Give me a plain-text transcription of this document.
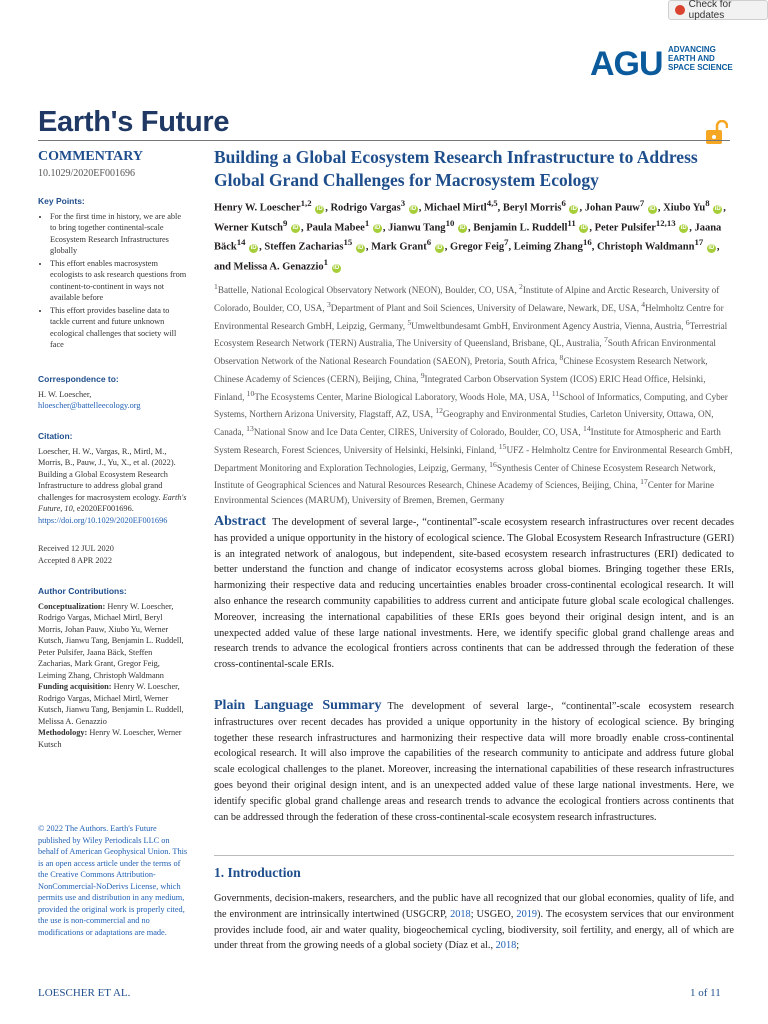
Check for updates
AGU ADVANCING
EARTH AND
SPACE SCIENCE
Earth's Future
COMMENTARY
10.1029/2020EF001696
Key Points:
• For the first time in history, we are able to bring together continental-scale Ecosystem Research Infrastructures globally
• This effort enables macrosystem ecologists to ask research questions from continent-to-continent in ways not available before
• This effort provides baseline data to tackle current and future unknown ecological challenges that society will face
Correspondence to:
H. W. Loescher,
hloescher@battelleecology.org
Citation:
Loescher, H. W., Vargas, R., Mirtl, M., Morris, B., Pauw, J., Yu, X., et al. (2022). Building a Global Ecosystem Research Infrastructure to address global grand challenges for macrosystem ecology. Earth's Future, 10, e2020EF001696.
https://doi.org/10.1029/2020EF001696
Received 12 JUL 2020
Accepted 8 APR 2022
Author Contributions:
Conceptualization: Henry W. Loescher, Rodrigo Vargas, Michael Mirtl, Beryl Morris, Johan Pauw, Xiubo Yu, Werner Kutsch, Jianwu Tang, Benjamin L. Ruddell, Peter Pulsifer, Jaana Bäck, Steffen Zacharias, Mark Grant, Gregor Feig, Leiming Zhang, Christoph Waldmann
Funding acquisition: Henry W. Loescher, Rodrigo Vargas, Michael Mirtl, Werner Kutsch, Jianwu Tang, Benjamin L. Ruddell, Melissa A. Genazzio
Methodology: Henry W. Loescher, Werner Kutsch
© 2022 The Authors. Earth's Future published by Wiley Periodicals LLC on behalf of American Geophysical Union. This is an open access article under the terms of the Creative Commons Attribution-NonCommercial-NoDerivs License, which permits use and distribution in any medium, provided the original work is properly cited, the use is non-commercial and no modifications or adaptations are made.
Building a Global Ecosystem Research Infrastructure to Address Global Grand Challenges for Macrosystem Ecology
Henry W. Loescher$^{1,2}$ iD , Rodrigo Vargas$^3$ iD , Michael Mirtl$^{4,5}$, Beryl Morris$^6$ iD , Johan Pauw$^7$ iD , Xiubo Yu$^8$ iD , Werner Kutsch$^9$ iD , Paula Mabee$^1$ iD , Jianwu Tang$^{10}$ iD , Benjamin L. Ruddell$^{11}$ iD , Peter Pulsifer$^{12,13}$ iD , Jaana Bäck$^{14}$ iD , Steffen Zacharias$^{15}$ iD , Mark Grant$^6$ iD , Gregor Feig$^7$, Leiming Zhang$^{16}$, Christoph Waldmann$^{17}$ iD , and Melissa A. Genazzio$^1$ iD
$^1$Battelle, National Ecological Observatory Network (NEON), Boulder, CO, USA, $^2$Institute of Alpine and Arctic Research, University of Colorado, Boulder, CO, USA, $^3$Department of Plant and Soil Sciences, University of Delaware, Newark, DE, USA, $^4$Helmholtz Centre for Environmental Research GmbH, Leipzig, Germany, $^5$Umweltbundesamt GmbH, Environment Agency Austria, Vienna, Austria, $^6$Terrestrial Ecosystem Research Network (TERN) Australia, The University of Queensland, Brisbane, QL, Australia, $^7$South African Environmental Observation Network of the National Research Foundation (SAEON), Pretoria, South Africa, $^8$Chinese Ecosystem Research Network, Chinese Academy of Sciences (CERN), Beijing, China, $^9$Integrated Carbon Observation System (ICOS) ERIC Head Office, Helsinki, Finland, $^{10}$The Ecosystems Center, Marine Biological Laboratory, Woods Hole, MA, USA, $^{11}$School of Informatics, Computing, and Cyber Systems, Northern Arizona University, Flagstaff, AZ, USA, $^{12}$Geography and Environmental Studies, Carleton University, Ottawa, ON, Canada, $^{13}$National Snow and Ice Data Center, CIRES, University of Colorado, Boulder, CO, USA, $^{14}$Institute for Atmospheric and Earth System Research, Forest Sciences, University of Helsinki, Helsinki, Finland, $^{15}$UFZ - Helmholtz Centre for Environmental Research GmbH, Department Monitoring and Exploration Technologies, Leipzig, Germany, $^{16}$Synthesis Center of Chinese Ecosystem Research Network, Institute of Geographical Sciences and Natural Resources Research, Chinese Academy of Sciences, Beijing, China, $^{17}$Center for Marine Environmental Sciences (MARUM), University of Bremen, Bremen, Germany
Abstract The development of several large-, “continental”-scale ecosystem research infrastructures over recent decades has provided a unique opportunity in the history of ecological science. The Global Ecosystem Research Infrastructure (GERI) is an integrated network of analogous, but independent, site-based ecosystem research infrastructures (ERI) dedicated to better understand the function and change of indicator ecosystems across global biomes. Bringing together these ERIs, harmonizing their respective data and reducing uncertainties enables broader cross-continental ecological research. It will also enhance the research community capabilities to address current and anticipate future global scale ecological challenges. Moreover, increasing the international capabilities of these ERIs goes beyond their original design intent, and is an unexpected added value of these large national investments. Here, we identify specific global grand challenge areas and research trends to advance the ecological frontiers across continents that can be addressed through the federation of these cross-continental-scale ERIs.
Plain Language Summary The development of several large-, “continental”-scale ecosystem research infrastructures over recent decades has provided a unique opportunity in the history of ecological science. By bringing together these research infrastructures and harmonizing their respective data will more broadly enable cross-continental ecological research. It will also improve the capabilities of the research community to anticipate and address future global scale ecological challenges to the planet. Moreover, increasing the international capabilities of these research infrastructures goes beyond their original design intent, and is an unexpected added value of these large national investments. Here, we identify specific global grand challenge areas and research trends to advance the ecological frontiers across continents that can be addressed through the federation of these cross-continental-scale ecosystem research infrastructures.
1. Introduction
Governments, decision-makers, researchers, and the public have all recognized that our global economies, quality of life, and the environment are intrinsically intertwined (USGCRP, 2018; USGEO, 2019). The ecosystem services that our environment provides include food, air and water quality, biogeochemical cycling, biodiversity, soil fertility, and energy, all of which are under threat from the growing needs of a global society (Díaz et al., 2018;
LOESCHER ET AL.	1 of 11
